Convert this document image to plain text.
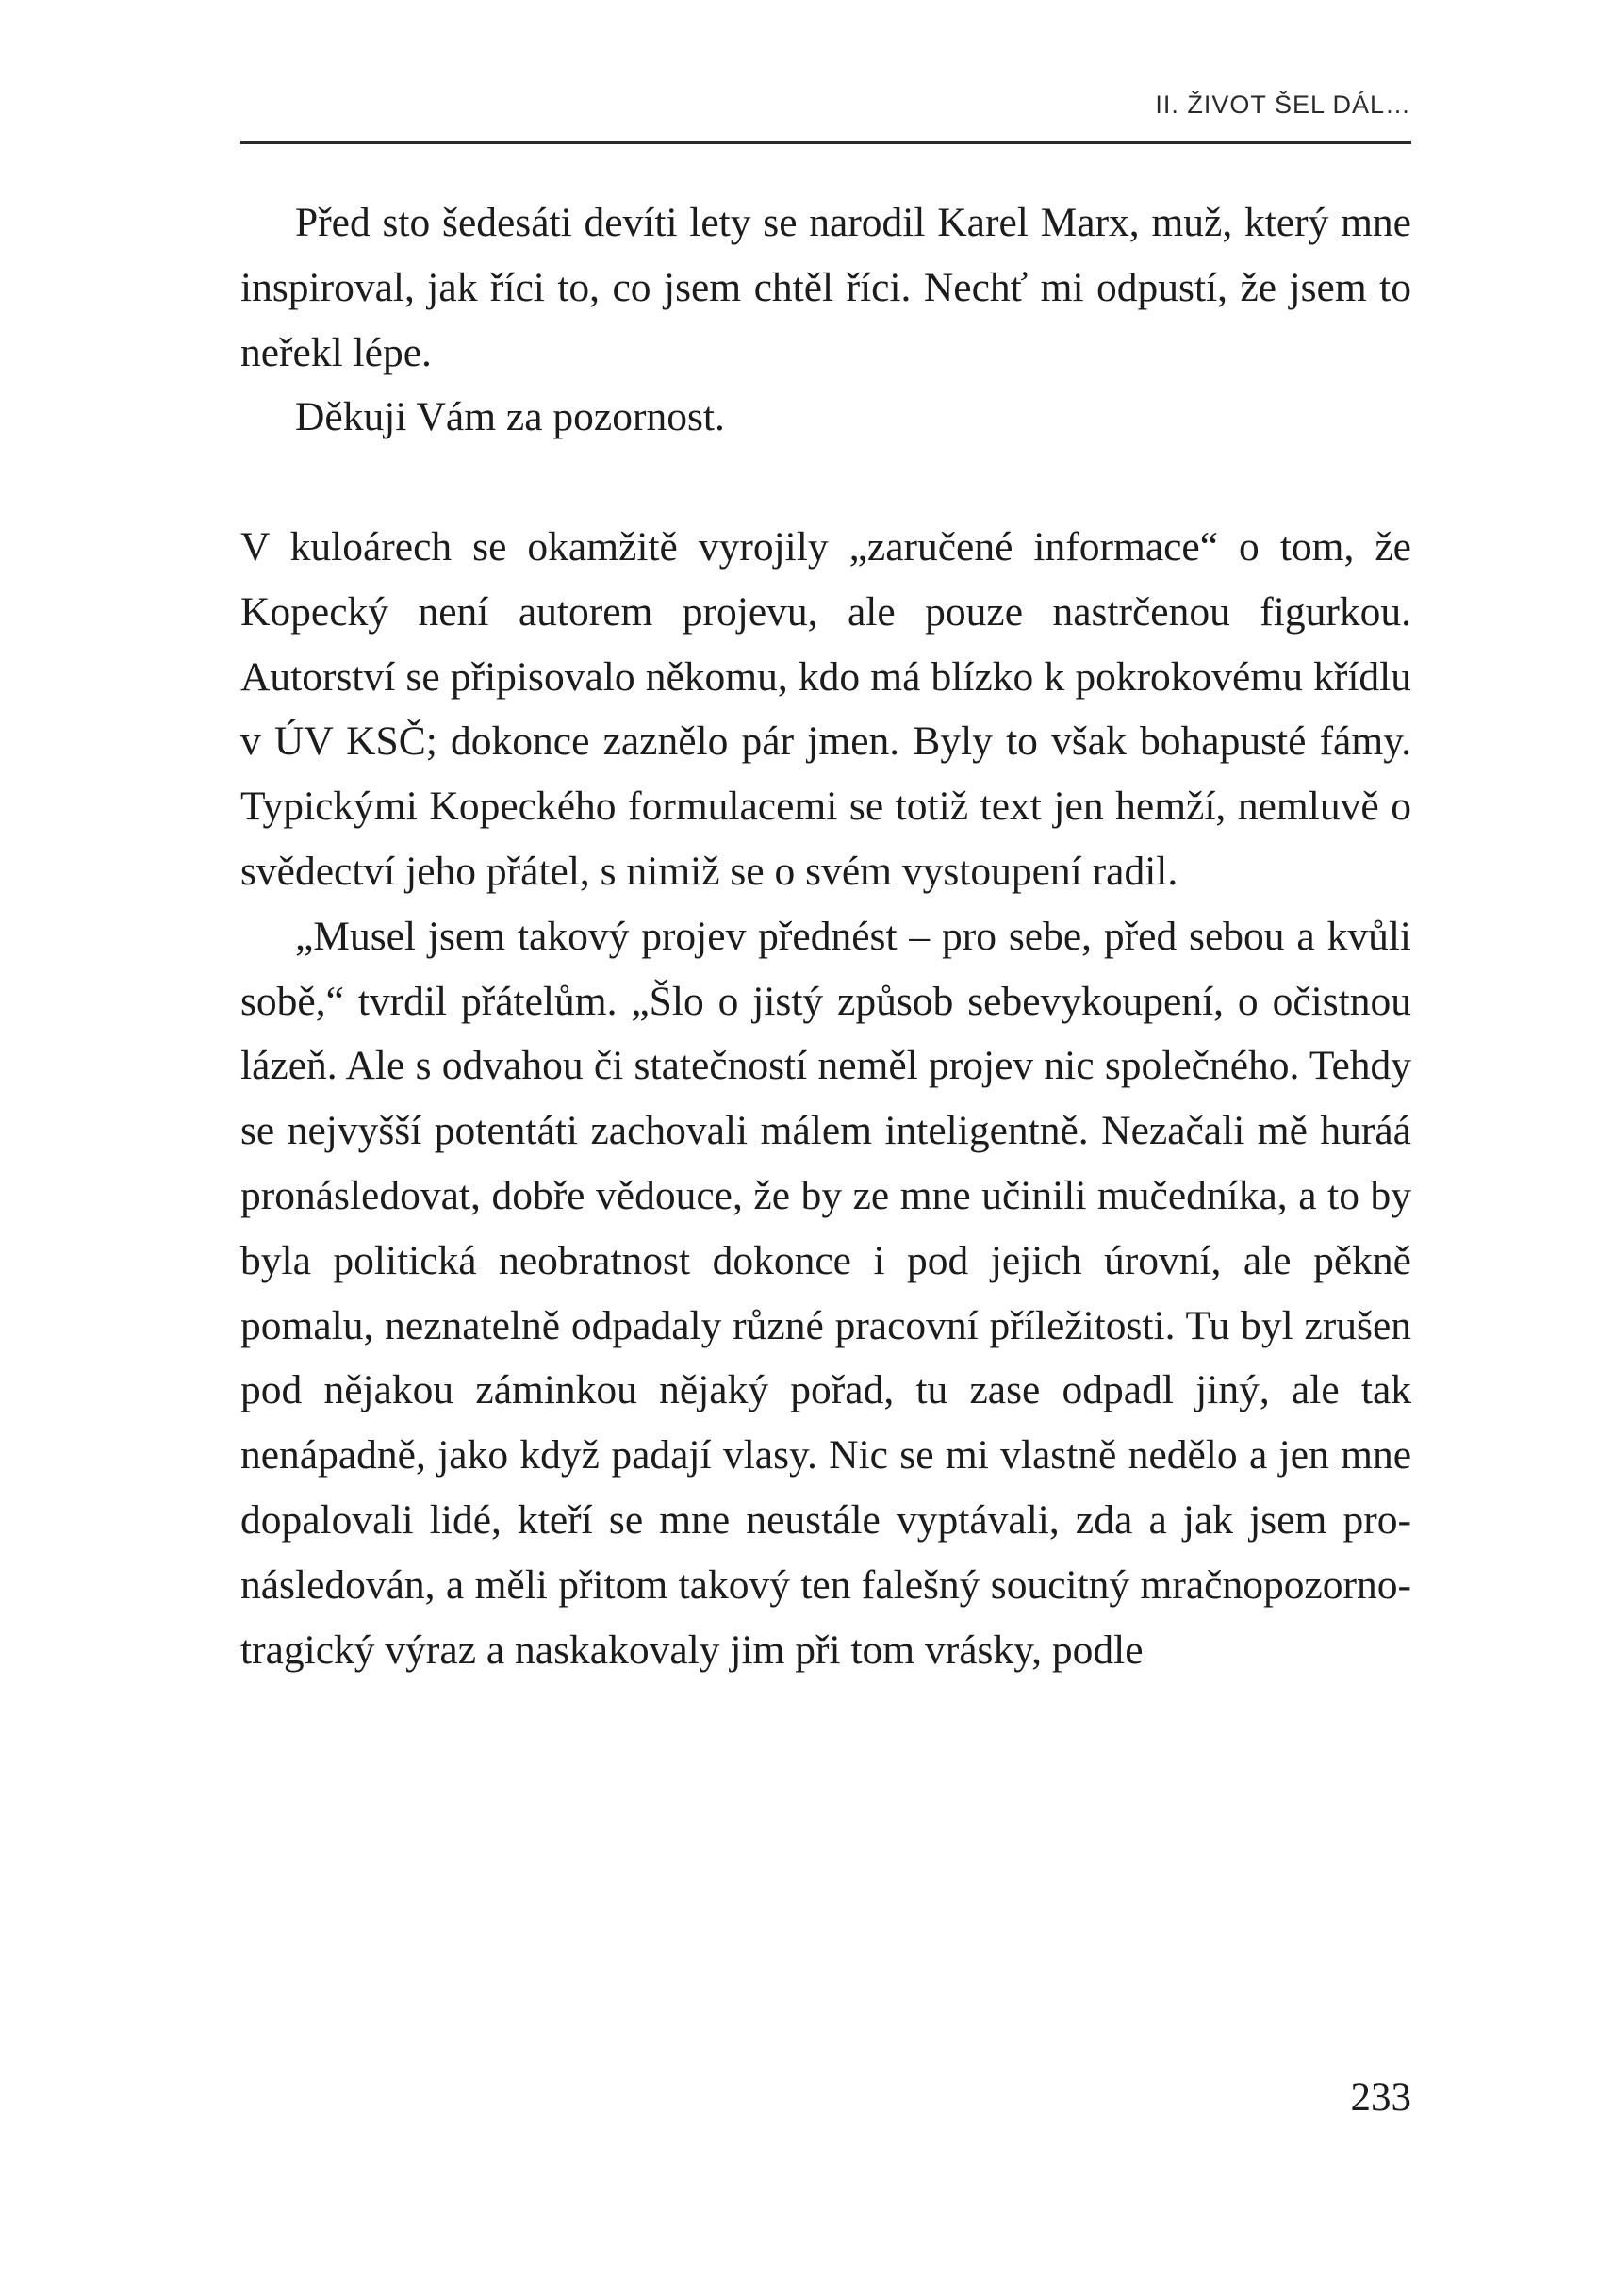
II. ŽIVOT ŠEL DÁL…

Před sto šedesáti devíti lety se narodil Karel Marx, muž, který mne inspiroval, jak říci to, co jsem chtěl říci. Nechť mi odpustí, že jsem to neřekl lépe.

Děkuji Vám za pozornost.

V kuloárech se okamžitě vyrojily „zaručené informace“ o tom, že Kopecký není autorem projevu, ale pouze nastrčenou figurkou. Autorství se připisovalo někomu, kdo má blízko k pokrokovému křídlu v ÚV KSČ; dokonce zaznělo pár jmen. Byly to však bohapusté fámy. Typickými Kopeckého formulacemi se totiž text jen hemží, nemluvě o svědectví jeho přátel, s nimiž se o svém vystoupení radil.

„Musel jsem takový projev přednést – pro sebe, před sebou a kvůli sobě,“ tvrdil přátelům. „Šlo o jistý způsob sebevykoupení, o očistnou lázeň. Ale s odvahou či statečností neměl projev nic společného. Tehdy se nejvyšší potentáti zachovali málem inteligentně. Nezačali mě huráá pronásledovat, dobře vědouce, že by ze mne učinili mučedníka, a to by byla politická neobratnost dokonce i pod jejich úrovní, ale pěkně pomalu, neznatelně odpadaly různé pracovní příležitosti. Tu byl zrušen pod nějakou záminkou nějaký pořad, tu zase odpadl jiný, ale tak nenápadně, jako když padají vlasy. Nic se mi vlastně nedělo a jen mne dopalovali lidé, kteří se mne neustále vyptávali, zda a jak jsem pronásledován, a měli přitom takový ten falešný soucitný mračnopozorno-tragický výraz a naskakovaly jim při tom vrásky, podle

233
